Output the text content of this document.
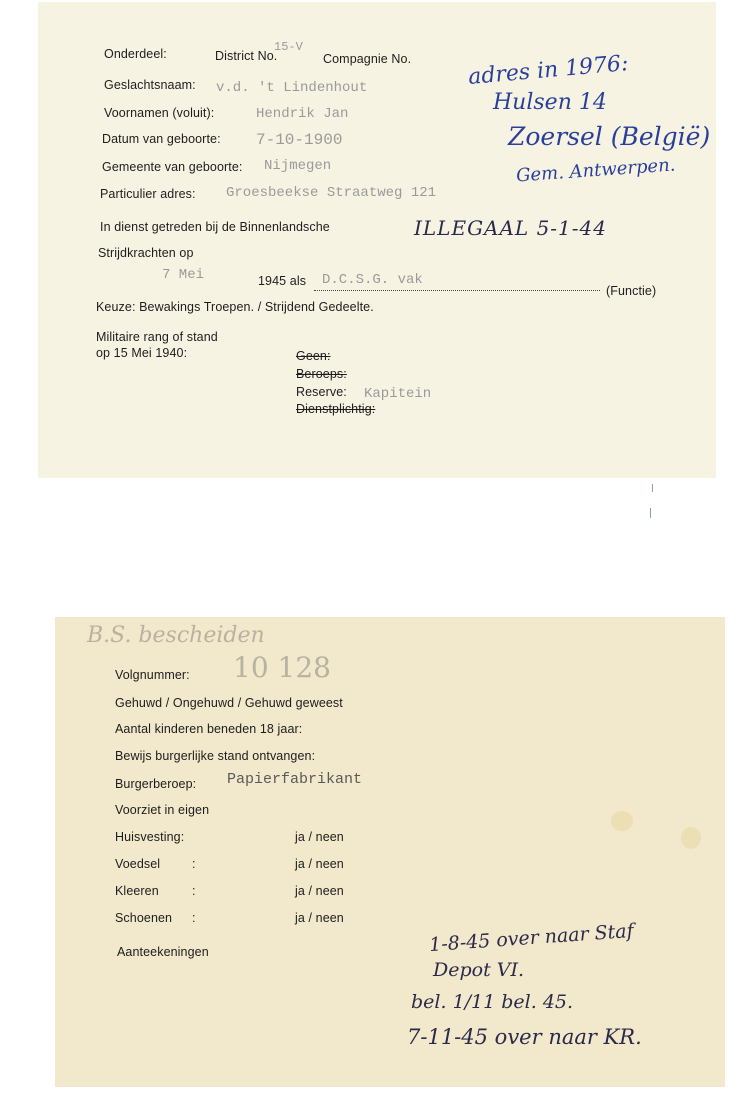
Onderdeel:	District No.
15-V
Compagnie No.
Geslachtsnaam: v.d. 't Lindenhout
Voornamen (voluit):	Hendrik Jan
Datum van geboorte: 7-10-1900
Gemeente van geboorte: Nijmegen
Particulier adres: Groesbeekse Straatweg 121
In dienst getreden bij de Binnenlandsche
Strijdkrachten op
ILLEGAAL 5-1-44
7 Mei	1945 als D.C.S.G. vak
(Functie)
Keuze: Bewakings Troepen. / Strijdend Gedeelte.
Militaire rang of stand
op 15 Mei 1940:	Geen:
Beroeps:
Reserve: Kapitein
Dienstplichtig:
adres in 1976:
Hulsen 14
Zoersel (België)
Gem. Antwerpen.
B.S. bescheiden
Volgnummer: 10 128
Gehuwd / Ongehuwd / Gehuwd geweest
Aantal kinderen beneden 18 jaar:
Bewijs burgerlijke stand ontvangen:
Burgerberoep: Papierfabrikant
Voorziet in eigen
Huisvesting:	ja / neen
Voedsel	:	ja / neen
Kleeren	:	ja / neen
Schoenen :	ja / neen
Aanteekeningen	1-8-45 over naar Staf
Depot VI.
bel. 1/11 bel. 45.
7-11-45 over naar KR.
